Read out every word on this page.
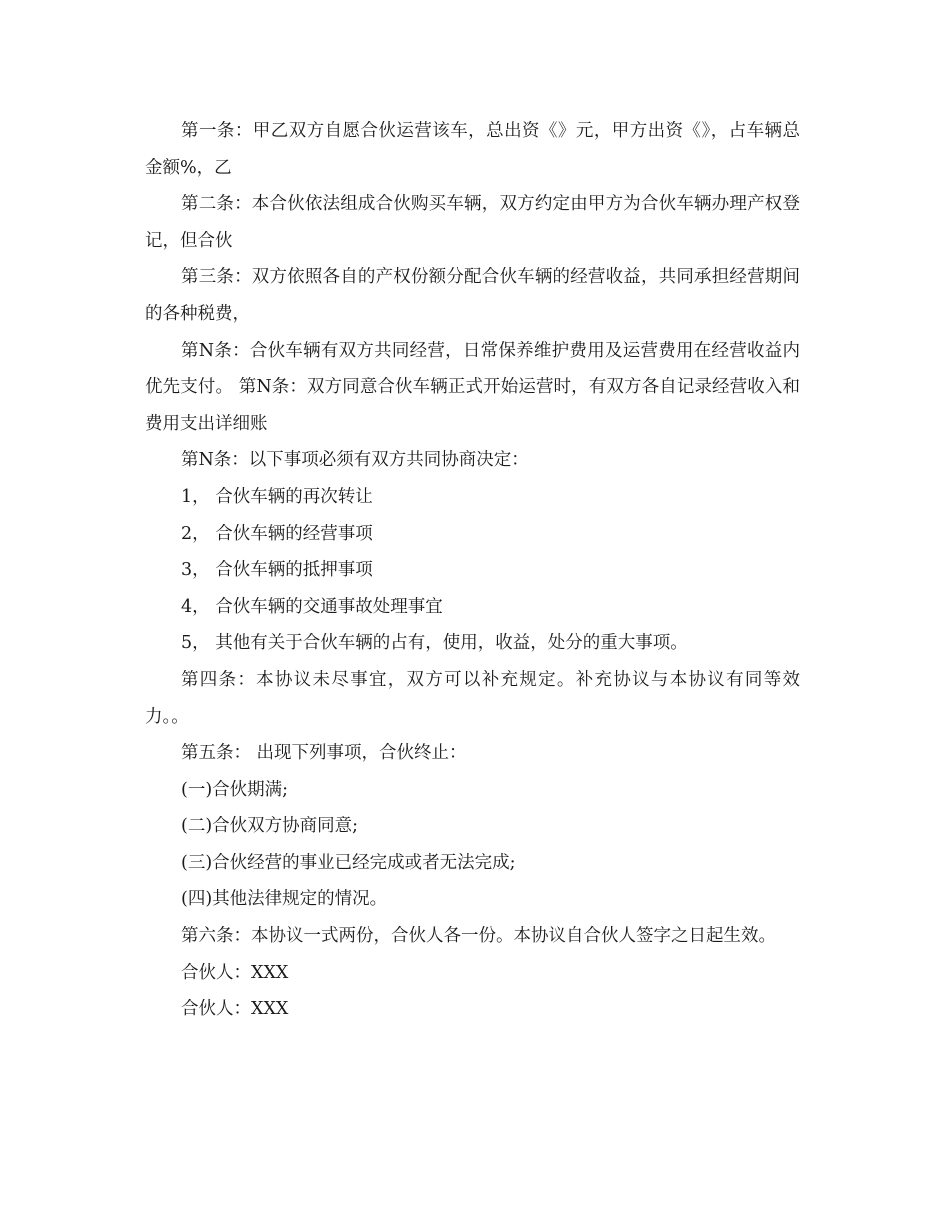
第一条：甲乙双方自愿合伙运营该车，总出资《》元，甲方出资《》，占车辆总金额%，乙

第二条：本合伙依法组成合伙购买车辆，双方约定由甲方为合伙车辆办理产权登记，但合伙

第三条：双方依照各自的产权份额分配合伙车辆的经营收益，共同承担经营期间的各种税费，

第N条：合伙车辆有双方共同经营，日常保养维护费用及运营费用在经营收益内优先支付。 第N条：双方同意合伙车辆正式开始运营时，有双方各自记录经营收入和费用支出详细账

第N条：以下事项必须有双方共同协商决定：

1， 合伙车辆的再次转让

2， 合伙车辆的经营事项

3， 合伙车辆的抵押事项

4， 合伙车辆的交通事故处理事宜

5， 其他有关于合伙车辆的占有，使用，收益，处分的重大事项。

第四条：本协议未尽事宜，双方可以补充规定。补充协议与本协议有同等效力。。

第五条： 出现下列事项，合伙终止：

(一)合伙期满;

(二)合伙双方协商同意;

(三)合伙经营的事业已经完成或者无法完成;

(四)其他法律规定的情况。

第六条：本协议一式两份，合伙人各一份。本协议自合伙人签字之日起生效。

合伙人：XXX

合伙人：XXX
